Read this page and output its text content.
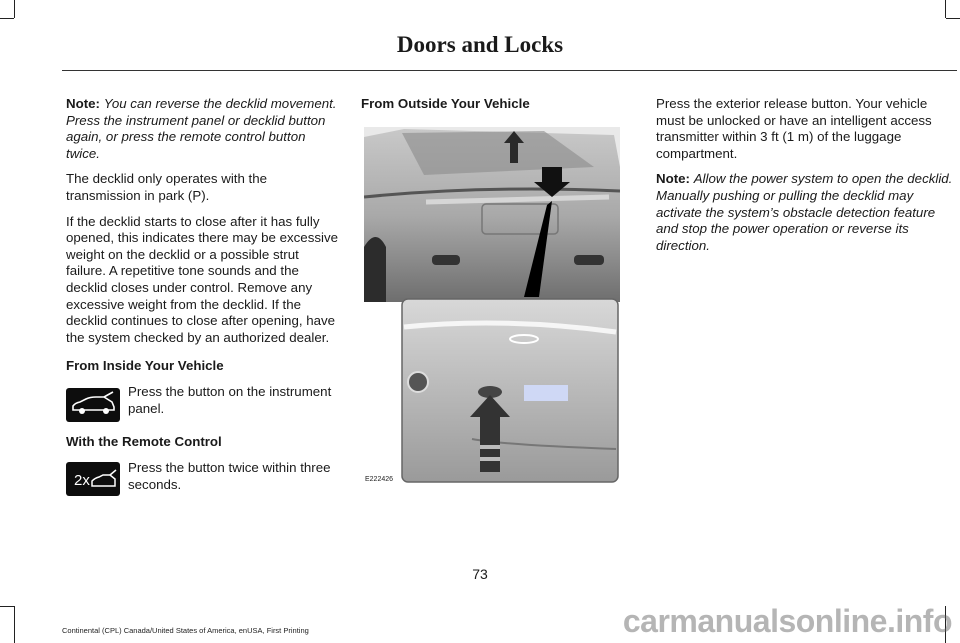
Doors and Locks

Note: You can reverse the decklid movement. Press the instrument panel or decklid button again, or press the remote control button twice.

The decklid only operates with the transmission in park (P).

If the decklid starts to close after it has fully opened, this indicates there may be excessive weight on the decklid or a possible strut failure. A repetitive tone sounds and the decklid closes under control. Remove any excessive weight from the decklid. If the decklid continues to close after opening, have the system checked by an authorized dealer.

From Inside Your Vehicle

Press the button on the instrument panel.
With the Remote Control
2x
Press the button twice within three seconds.
From Outside Your Vehicle
E222426

Press the exterior release button. Your vehicle must be unlocked or have an intelligent access transmitter within 3 ft (1 m) of the luggage compartment.

Note: Allow the power system to open the decklid. Manually pushing or pulling the decklid may activate the system’s obstacle detection feature and stop the power operation or reverse its direction.

73
Continental (CPL) Canada/United States of America, enUSA, First Printing	carmanualsonline.info
